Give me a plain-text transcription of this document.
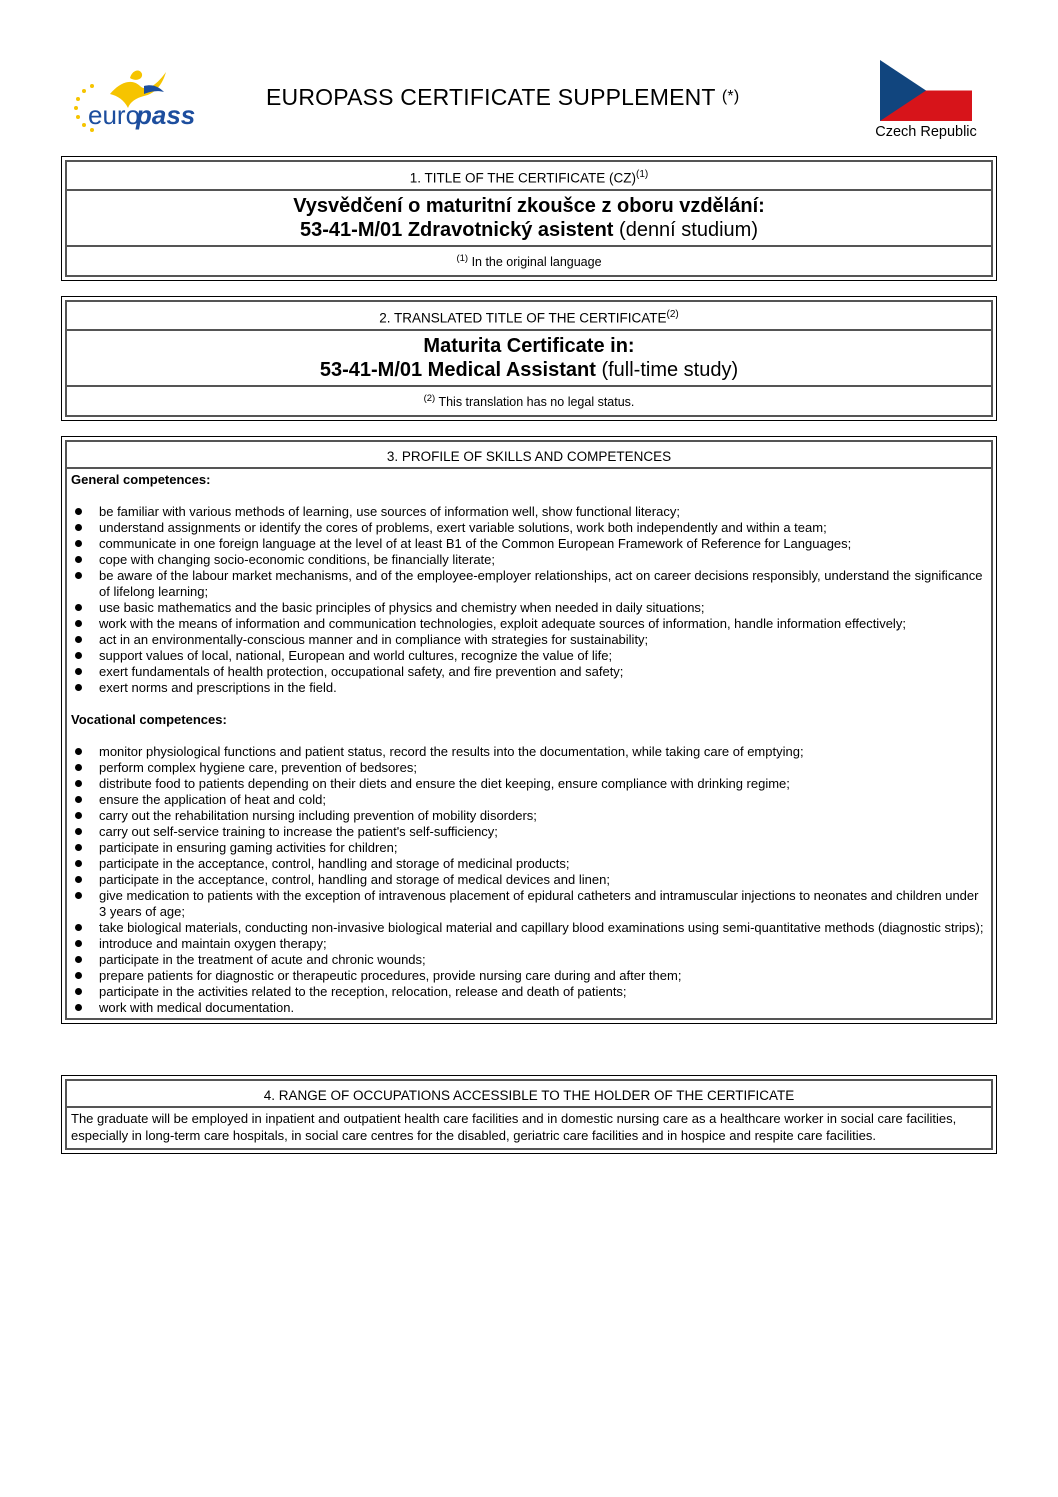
euro
pass
EUROPASS CERTIFICATE SUPPLEMENT (*)
Czech Republic
1. TITLE OF THE CERTIFICATE (CZ)$^{(1)}$
Vysvědčení o maturitní zkoušce z oboru vzdělání:
53-41-M/01 Zdravotnický asistent (denní studium)
$^{(1)}$ In the original language
2. TRANSLATED TITLE OF THE CERTIFICATE$^{(2)}$
Maturita Certificate in:
53-41-M/01 Medical Assistant (full-time study)
$^{(2)}$ This translation has no legal status.
3. PROFILE OF SKILLS AND COMPETENCES
General competences:
be familiar with various methods of learning, use sources of information well, show functional literacy;
understand assignments or identify the cores of problems, exert variable solutions, work both independently and within a team;
communicate in one foreign language at the level of at least B1 of the Common European Framework of Reference for Languages;
cope with changing socio-economic conditions, be financially literate;
be aware of the labour market mechanisms, and of the employee-employer relationships, act on career decisions responsibly, understand the significance of lifelong learning;
use basic mathematics and the basic principles of physics and chemistry when needed in daily situations;
work with the means of information and communication technologies, exploit adequate sources of information, handle information effectively;
act in an environmentally-conscious manner and in compliance with strategies for sustainability;
support values of local, national, European and world cultures, recognize the value of life;
exert fundamentals of health protection, occupational safety, and fire prevention and safety;
exert norms and prescriptions in the field.
Vocational competences:
monitor physiological functions and patient status, record the results into the documentation, while taking care of emptying;
perform complex hygiene care, prevention of bedsores;
distribute food to patients depending on their diets and ensure the diet keeping, ensure compliance with drinking regime;
ensure the application of heat and cold;
carry out the rehabilitation nursing including prevention of mobility disorders;
carry out self-service training to increase the patient's self-sufficiency;
participate in ensuring gaming activities for children;
participate in the acceptance, control, handling and storage of medicinal products;
participate in the acceptance, control, handling and storage of medical devices and linen;
give medication to patients with the exception of intravenous placement of epidural catheters and intramuscular injections to neonates and children under 3 years of age;
take biological materials, conducting non-invasive biological material and capillary blood examinations using semi-quantitative methods (diagnostic strips);
introduce and maintain oxygen therapy;
participate in the treatment of acute and chronic wounds;
prepare patients for diagnostic or therapeutic procedures, provide nursing care during and after them;
participate in the activities related to the reception, relocation, release and death of patients;
work with medical documentation.
4. RANGE OF OCCUPATIONS ACCESSIBLE TO THE HOLDER OF THE CERTIFICATE
The graduate will be employed in inpatient and outpatient health care facilities and in domestic nursing care as a healthcare worker in social care facilities, especially in long-term care hospitals, in social care centres for the disabled, geriatric care facilities and in hospice and respite care facilities.
